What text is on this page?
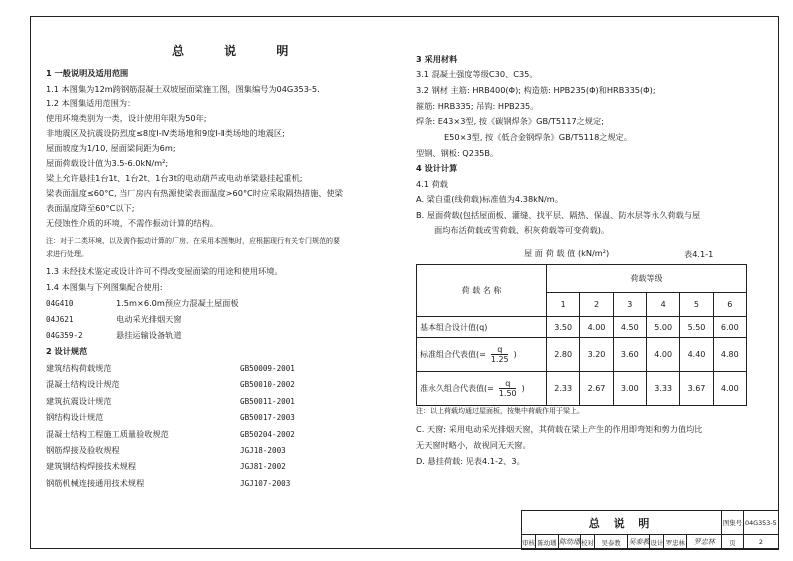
总 说 明
1 一般说明及适用范围
1.1 本图集为12m跨钢筋混凝土双坡屋面梁施工图，图集编号为04G353-5.
1.2 本图集适用范围为：
使用环境类别为一类，设计使用年限为50年;
非地震区及抗震设防烈度≤8度Ⅰ-Ⅳ类场地和9度Ⅰ-Ⅱ类场地的地震区;
屋面坡度为1/10, 屋面梁间距为6m;
屋面荷载设计值为3.5-6.0kN/m²;
梁上允许悬挂1台1t、1台2t、1台3t的电动葫芦或电动单梁悬挂起重机;
梁表面温度≤60°C, 当厂房内有热源使梁表面温度>60°C时应采取隔热措施、使梁
表面温度降至60°C以下;
无侵蚀性介质的环境，不需作振动计算的结构。
注：对于二类环境、以及需作振动计算的厂房、在采用本图集时，应根据现行有关专门规范的要
求进行处理。
1.3 未经技术鉴定或设计许可不得改变屋面梁的用途和使用环境。
1.4 本图集与下列图集配合使用:
04G410	1.5m×6.0m预应力混凝土屋面板
04J621	电动采光排烟天窗
04G359-2	悬挂运输设备轨道
2 设计规范
建筑结构荷载规范	GB50009-2001
混凝土结构设计规范	GB50010-2002
建筑抗震设计规范	GB50011-2001
钢结构设计规范	GB50017-2003
混凝土结构工程施工质量验收规范	GB50204-2002
钢筋焊接及验收规程	JGJ18-2003
建筑钢结构焊接技术规程	JGJ81-2002
钢筋机械连接通用技术规程	JGJ107-2003
3 采用材料
3.1 混凝土强度等级C30、C35。
3.2 钢材 主筋: HRB400(Φ); 构造筋: HPB235(Φ)和HRB335(Φ);
箍筋: HRB335; 吊钩: HPB235。
焊条: E43×3型, 按《碳钢焊条》GB/T5117之规定;
E50×3型, 按《低合金钢焊条》GB/T5118之规定。
型钢、钢板: Q235B。
4 设计计算
4.1 荷载
A. 梁自重(线荷载)标准值为4.38kN/m。
B. 屋面荷载(包括屋面板、灌缝、找平层、隔热、保温、防水层等永久荷载与屋
面均布活荷载或雪荷载、积灰荷载等可变荷载)。
屋 面 荷 载 值 (kN/m²)	表4.1-1
荷 载 名 称	荷载等级					
	1	2	3	4	5	6
基本组合设计值(q)	3.50	4.00	4.50	5.00	5.50	6.00
标准组合代表值(= $\frac{q}{1.25}$ )	2.80	3.20	3.60	4.00	4.40	4.80
准永久组合代表值(= $\frac{q}{1.50}$ )	2.33	2.67	3.00	3.33	3.67	4.00
注：以上荷载均通过屋面板，按集中荷载作用于梁上。
C. 天窗: 采用电动采光排烟天窗，其荷载在梁上产生的作用即弯矩和剪力值均比
无天窗时略小，故视同无天窗。
D. 悬挂荷载: 见表4.1-2、3。
总 说 明									图集号	04G353-5
审核	陈幼璠	陈幼璠	校对	吴泰教	吴泰教	设计	罗忠林	罗忠林	页	2
